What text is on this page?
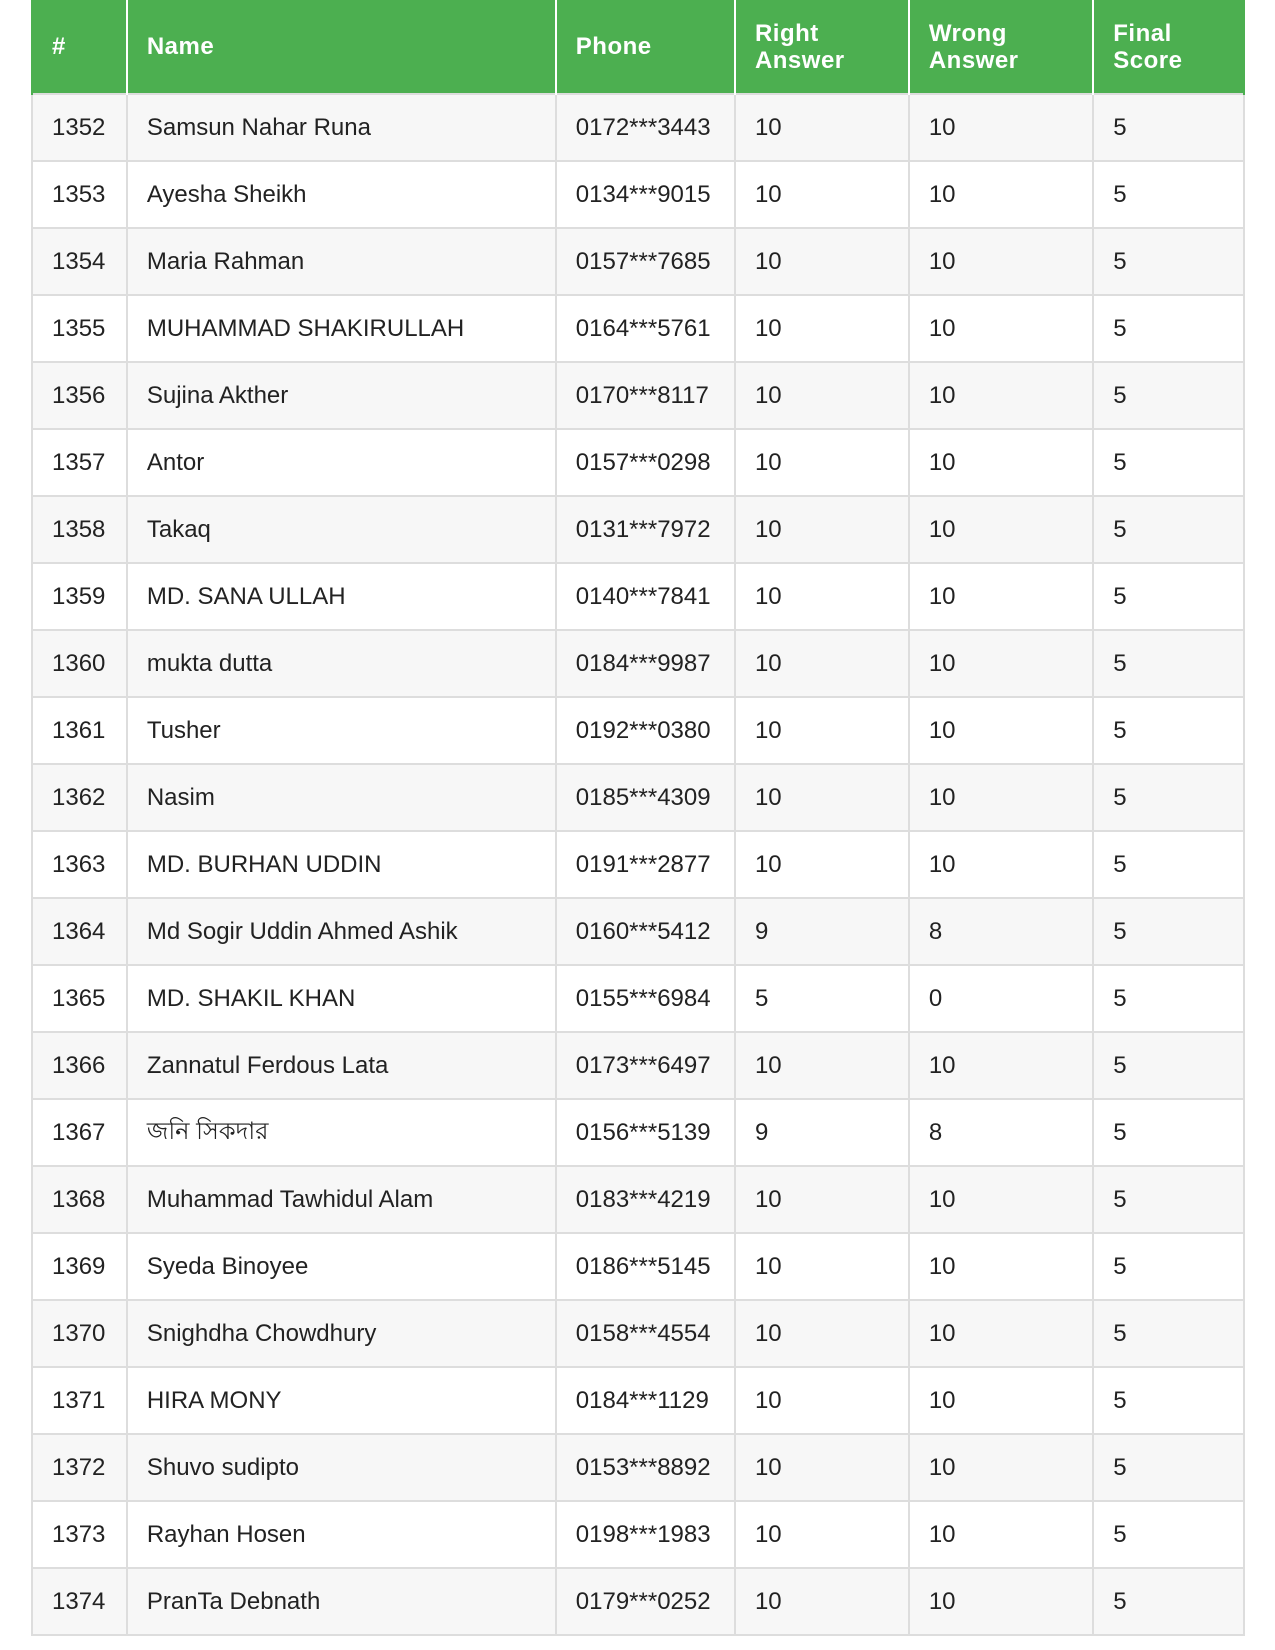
#	Name	Phone	Right Answer	Wrong Answer	Final Score
1352	Samsun Nahar Runa	0172***3443	10	10	5
1353	Ayesha Sheikh	0134***9015	10	10	5
1354	Maria Rahman	0157***7685	10	10	5
1355	MUHAMMAD SHAKIRULLAH	0164***5761	10	10	5
1356	Sujina Akther	0170***8117	10	10	5
1357	Antor	0157***0298	10	10	5
1358	Takaq	0131***7972	10	10	5
1359	MD. SANA ULLAH	0140***7841	10	10	5
1360	mukta dutta	0184***9987	10	10	5
1361	Tusher	0192***0380	10	10	5
1362	Nasim	0185***4309	10	10	5
1363	MD. BURHAN UDDIN	0191***2877	10	10	5
1364	Md Sogir Uddin Ahmed Ashik	0160***5412	9	8	5
1365	MD. SHAKIL KHAN	0155***6984	5	0	5
1366	Zannatul Ferdous Lata	0173***6497	10	10	5
1367	জনি সিকদার	0156***5139	9	8	5
1368	Muhammad Tawhidul Alam	0183***4219	10	10	5
1369	Syeda Binoyee	0186***5145	10	10	5
1370	Snighdha Chowdhury	0158***4554	10	10	5
1371	HIRA MONY	0184***1129	10	10	5
1372	Shuvo sudipto	0153***8892	10	10	5
1373	Rayhan Hosen	0198***1983	10	10	5
1374	PranTa Debnath	0179***0252	10	10	5
